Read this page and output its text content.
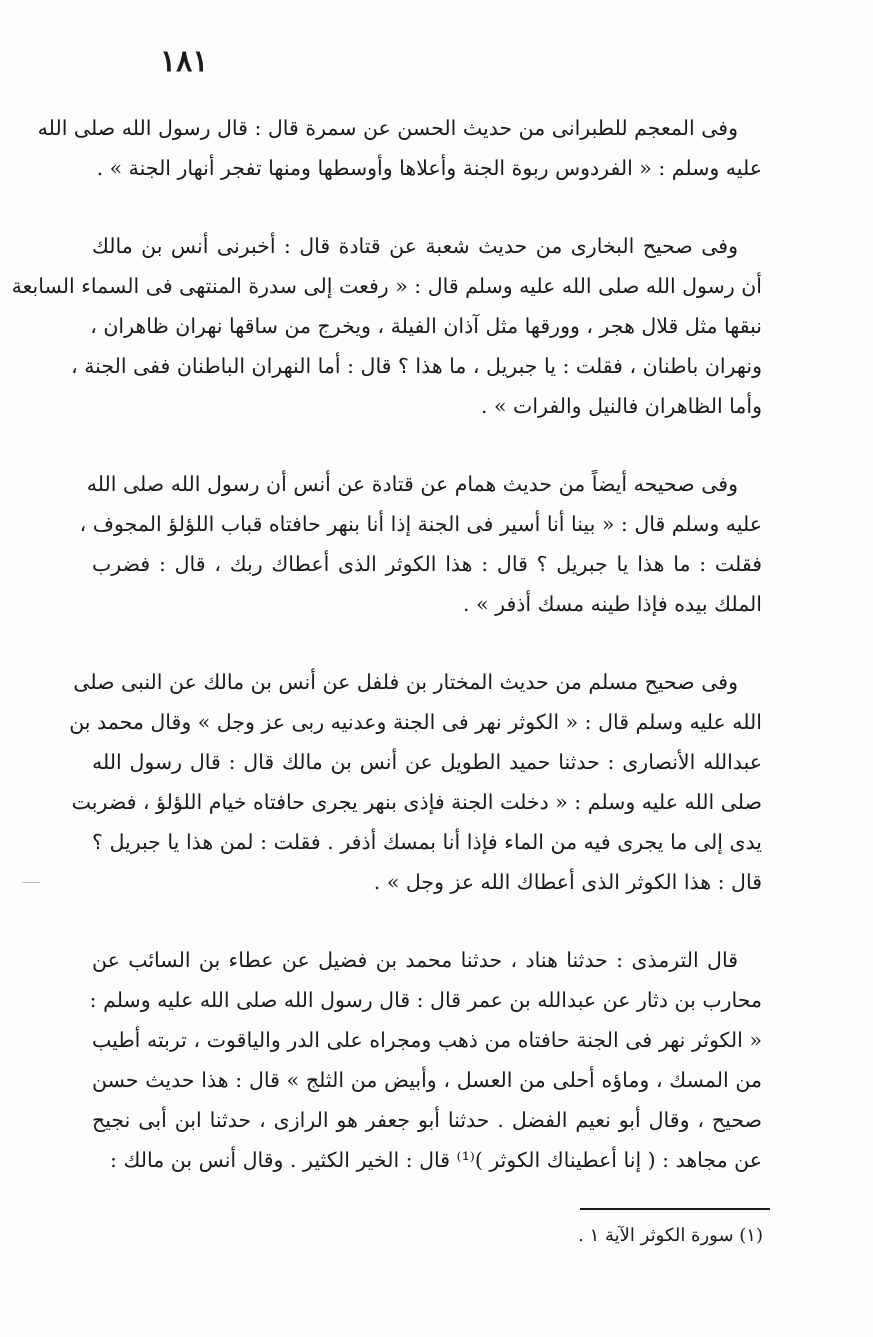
١٨١
وفى المعجم للطبرانى من حديث الحسن عن سمرة قال : قال رسول الله صلى الله
عليه وسلم : « الفردوس ربوة الجنة وأعلاها وأوسطها ومنها تفجر أنهار الجنة » .
وفى صحيح البخارى من حديث شعبة عن قتادة قال : أخبرنى أنس بن مالك
أن رسول الله صلى الله عليه وسلم قال : « رفعت إلى سدرة المنتهى فى السماء السابعة
نبقها مثل قلال هجر ، وورقها مثل آذان الفيلة ، ويخرج من ساقها نهران ظاهران ،
ونهران باطنان ، فقلت : يا جبريل ، ما هذا ؟ قال : أما النهران الباطنان ففى الجنة ،
وأما الظاهران فالنيل والفرات » .
وفى صحيحه أيضاً من حديث همام عن قتادة عن أنس أن رسول الله صلى الله
عليه وسلم قال : « بينا أنا أسير فى الجنة إذا أنا بنهر حافتاه قباب اللؤلؤ المجوف ،
فقلت : ما هذا يا جبريل ؟ قال : هذا الكوثر الذى أعطاك ربك ، قال : فضرب
الملك بيده فإذا طينه مسك أذفر » .
وفى صحيح مسلم من حديث المختار بن فلفل عن أنس بن مالك عن النبى صلى
الله عليه وسلم قال : « الكوثر نهر فى الجنة وعدنيه ربى عز وجل » وقال محمد بن
عبدالله الأنصارى : حدثنا حميد الطويل عن أنس بن مالك قال : قال رسول الله
صلى الله عليه وسلم : « دخلت الجنة فإذى بنهر يجرى حافتاه خيام اللؤلؤ ، فضربت
يدى إلى ما يجرى فيه من الماء فإذا أنا بمسك أذفر . فقلت : لمن هذا يا جبريل ؟
قال : هذا الكوثر الذى أعطاك الله عز وجل » .
قال الترمذى : حدثنا هناد ، حدثنا محمد بن فضيل عن عطاء بن السائب عن
محارب بن دثار عن عبدالله بن عمر قال : قال رسول الله صلى الله عليه وسلم :
« الكوثر نهر فى الجنة حافتاه من ذهب ومجراه على الدر والياقوت ، تربته أطيب
من المسك ، وماؤه أحلى من العسل ، وأبيض من الثلج » قال : هذا حديث حسن
صحيح ، وقال أبو نعيم الفضل . حدثنا أبو جعفر هو الرازى ، حدثنا ابن أبى نجيح
عن مجاهد : ( إنا أعطيناك الكوثر )⁽¹⁾ قال : الخير الكثير . وقال أنس بن مالك :
(١) سورة الكوثر الآية ١ .
